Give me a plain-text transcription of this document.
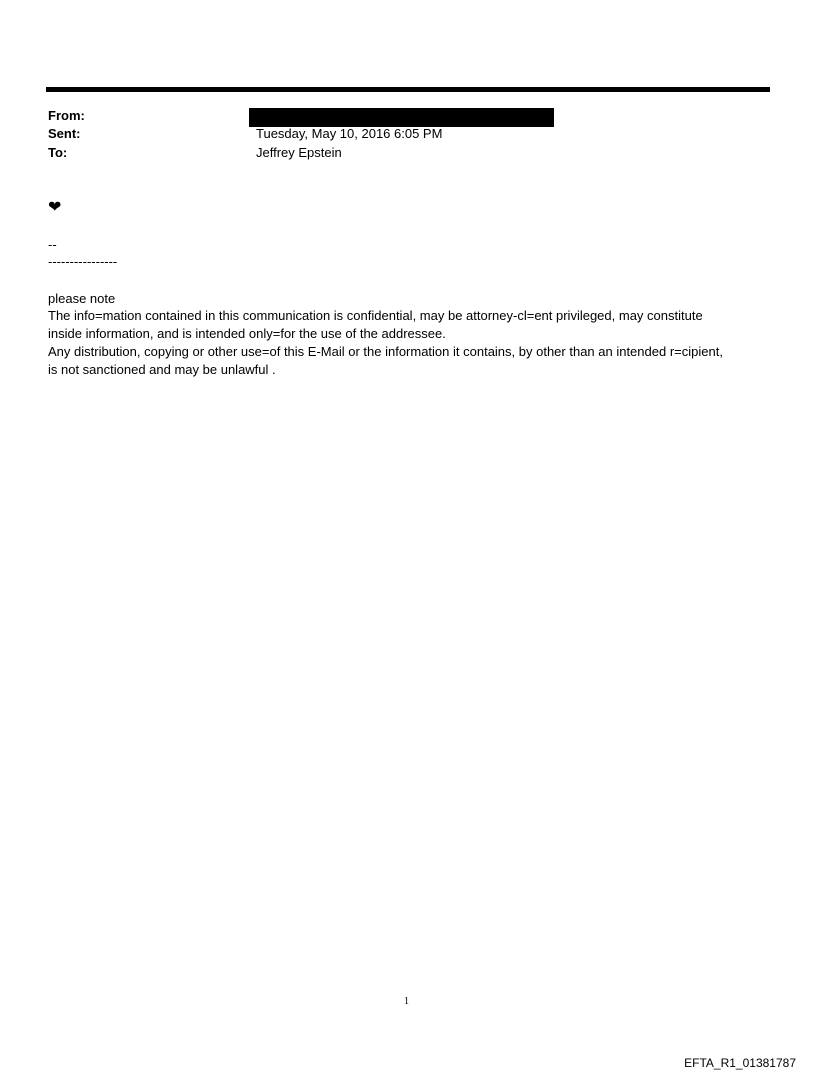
From:
Sent:	Tuesday, May 10, 2016 6:05 PM
To:	Jeffrey Epstein
❤
--
----------------
please note
The info=mation contained in this communication is confidential, may be attorney-cl=ent privileged, may constitute
inside information, and is intended only=for the use of the addressee.
Any distribution, copying or other use=of this E-Mail or the information it contains, by other than an intended r=cipient,
is not sanctioned and may be unlawful .
1
EFTA_R1_01381787
